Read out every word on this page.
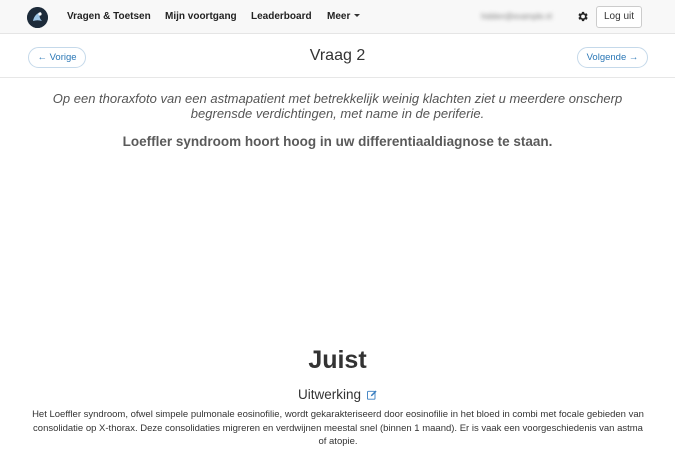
Vragen & Toetsen Mijn voortgang Leaderboard Meer	hidden@example.nl	Log uit
← Vorige	Vraag 2	Volgende →
Op een thoraxfoto van een astmapatient met betrekkelijk weinig klachten ziet u meerdere onscherp begrensde verdichtingen, met name in de periferie.
Loeffler syndroom hoort hoog in uw differentiaaldiagnose te staan.
Juist
Uitwerking
Het Loeffler syndroom, ofwel simpele pulmonale eosinofilie, wordt gekarakteriseerd door eosinofilie in het bloed in combi met focale gebieden van consolidatie op X-thorax. Deze consolidaties migreren en verdwijnen meestal snel (binnen 1 maand). Er is vaak een voorgeschiedenis van astma of atopie.
